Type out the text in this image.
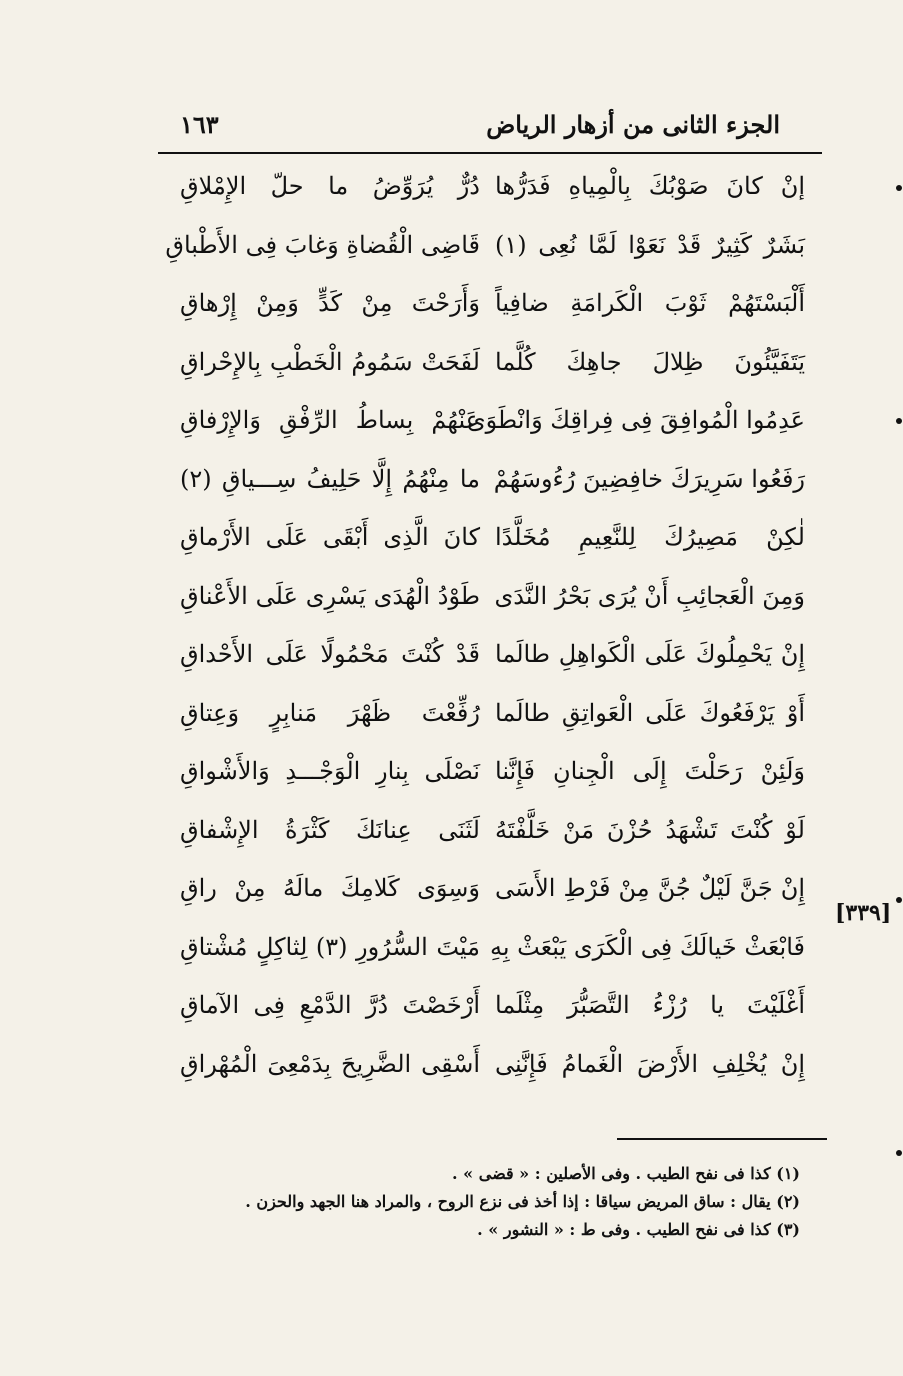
الجزء الثانى من أزهار الرياض
١٦٣
إنْ كانَ صَوْبُكَ بِالْمِياهِ فَدَرُّها
دُرٌّ يُرَوِّضُ ما حلّ الإِمْلاقِ
بَشَرٌ كَثِيرٌ قَدْ نَعَوْا لَمَّا نُعِى (١)
قَاضِى الْقُضاةِ وَغابَ فِى الأَطْباقِ
أَلْبَسْتَهُمْ ثَوْبَ الْكَرامَةِ ضافِياً
وَأَرَحْتَ مِنْ كَدٍّ وَمِنْ إِرْهاقِ
يَتَفَيَّئُونَ ظِلالَ جاهِكَ كُلَّما
لَفَحَتْ سَمُومُ الْخَطْبِ بِالإِحْراقِ
عَدِمُوا الْمُوافِقَ فِى فِراقِكَ وَانْطَوَى
عَنْهُمْ بِساطُ الرِّفْقِ وَالإِرْفاقِ
رَفَعُوا سَرِيرَكَ خافِضِينَ رُءُوسَهُمْ
ما مِنْهُمُ إِلَّا حَلِيفُ سِـــياقِ (٢)
لٰكِنْ مَصِيرُكَ لِلنَّعِيمِ مُخَلَّدًا
كانَ الَّذِى أَبْقَى عَلَى الأَرْماقِ
وَمِنَ الْعَجائِبِ أَنْ يُرَى بَحْرُ النَّدَى
طَوْدُ الْهُدَى يَسْرِى عَلَى الأَعْناقِ
إِنْ يَحْمِلُوكَ عَلَى الْكَواهِلِ طالَما
قَدْ كُنْتَ مَحْمُولًا عَلَى الأَحْداقِ
أَوْ يَرْفَعُوكَ عَلَى الْعَواتِقِ طالَما
رُفِّعْتَ ظَهْرَ مَنابِرٍ وَعِتاقِ
وَلَئِنْ رَحَلْتَ إِلَى الْجِنانِ فَإِنَّنا
نَصْلَى بِنارِ الْوَجْـــدِ وَالأَشْواقِ
لَوْ كُنْتَ تَشْهَدُ حُزْنَ مَنْ خَلَّفْتَهُ
لَثَنَى عِنانَكَ كَثْرَةُ الإِشْفاقِ
إِنْ جَنَّ لَيْلٌ جُنَّ مِنْ فَرْطِ الأَسَى
وَسِوَى كَلامِكَ مالَهُ مِنْ راقِ
فَابْعَثْ خَيالَكَ فِى الْكَرَى يَبْعَثْ بِهِ
مَيْتَ السُّرُورِ (٣) لِثاكِلٍ مُشْتاقِ
أَغْلَيْتَ يا رُزْءُ التَّصَبُّرَ مِثْلَما
أَرْخَصْتَ دُرَّ الدَّمْعِ فِى الآماقِ
إِنْ يُخْلِفِ الأَرْضَ الْغَمامُ فَإِنَّنِى
أَسْقِى الضَّرِيحَ بِدَمْعِىَ الْمُهْراقِ
[٣٣٩]
(١) كذا فى نفح الطيب . وفى الأصلين : « قضى » .
(٢) يقال : ساق المريض سياقا : إذا أخذ فى نزع الروح ، والمراد هنا الجهد والحزن .
(٣) كذا فى نفح الطيب . وفى ط : « النشور » .
